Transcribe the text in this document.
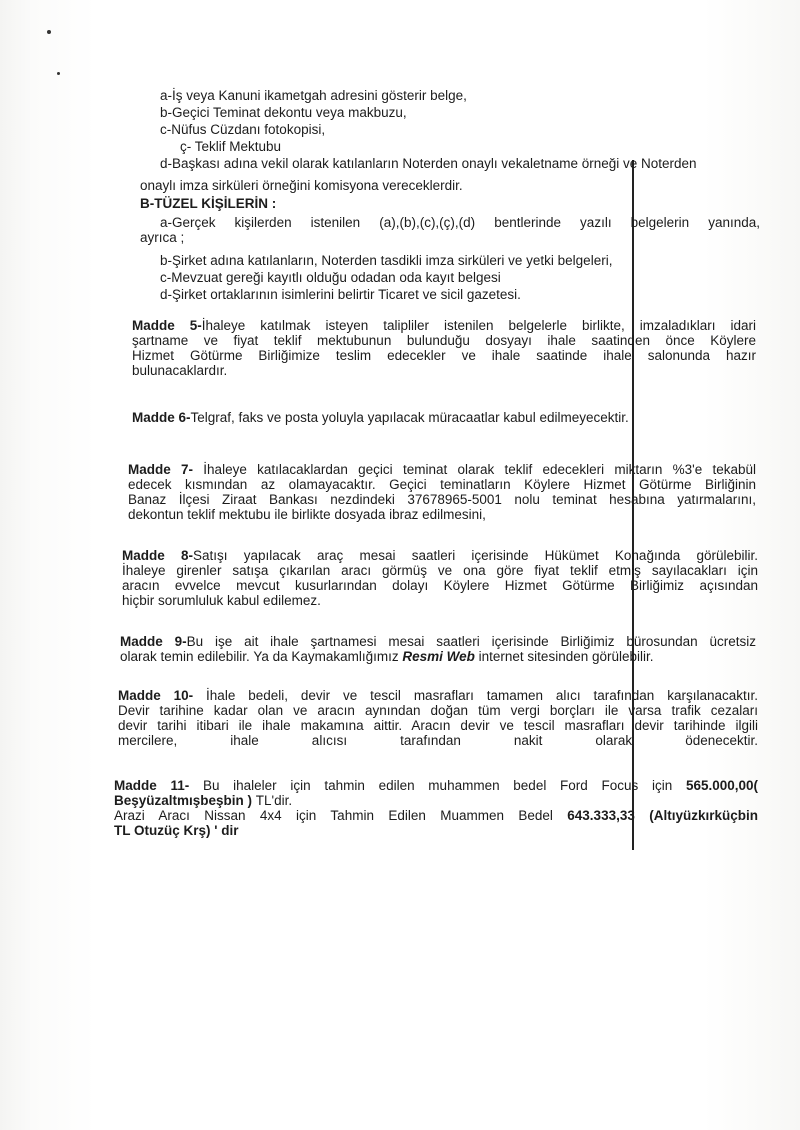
a-İş veya Kanuni ikametgah adresini gösterir belge,
b-Geçici Teminat dekontu veya makbuzu,
c-Nüfus Cüzdanı fotokopisi,
ç- Teklif Mektubu
d-Başkası adına vekil olarak katılanların Noterden onaylı vekaletname örneği ve Noterden
onaylı imza sirküleri örneğini komisyona vereceklerdir.
B-TÜZEL KİŞİLERİN :
a-Gerçek kişilerden istenilen (a),(b),(c),(ç),(d) bentlerinde yazılı belgelerin yanında,
ayrıca ;
b-Şirket adına katılanların, Noterden tasdikli imza sirküleri ve yetki belgeleri,
c-Mevzuat gereği kayıtlı olduğu odadan oda kayıt belgesi
d-Şirket ortaklarının isimlerini belirtir Ticaret ve sicil gazetesi.
Madde 5-İhaleye katılmak isteyen talipliler istenilen belgelerle birlikte, imzaladıkları idari
şartname ve fiyat teklif mektubunun bulunduğu dosyayı ihale saatinden önce Köylere
Hizmet Götürme Birliğimize teslim edecekler ve ihale saatinde ihale salonunda hazır
bulunacaklardır.
Madde 6-Telgraf, faks ve posta yoluyla yapılacak müracaatlar kabul edilmeyecektir.
Madde 7- İhaleye katılacaklardan geçici teminat olarak teklif edecekleri miktarın %3'e tekabül
edecek kısmından az olamayacaktır. Geçici teminatların Köylere Hizmet Götürme Birliğinin
Banaz İlçesi Ziraat Bankası nezdindeki 37678965-5001 nolu teminat hesabına yatırmalarını,
dekontun teklif mektubu ile birlikte dosyada ibraz edilmesini,
Madde 8-Satışı yapılacak araç mesai saatleri içerisinde Hükümet Konağında görülebilir.
İhaleye girenler satışa çıkarılan aracı görmüş ve ona göre fiyat teklif etmiş sayılacakları için
aracın evvelce mevcut kusurlarından dolayı Köylere Hizmet Götürme Birliğimiz açısından
hiçbir sorumluluk kabul edilemez.
Madde 9-Bu işe ait ihale şartnamesi mesai saatleri içerisinde Birliğimiz bürosundan ücretsiz
olarak temin edilebilir. Ya da Kaymakamlığımız Resmi Web internet sitesinden görülebilir.
Madde 10- İhale bedeli, devir ve tescil masrafları tamamen alıcı tarafından karşılanacaktır.
Devir tarihine kadar olan ve aracın aynından doğan tüm vergi borçları ile varsa trafik cezaları
devir tarihi itibari ile ihale makamına aittir. Aracın devir ve tescil masrafları devir tarihinde ilgili
mercilere, ihale alıcısı tarafından nakit olarak ödenecektir.
Madde 11- Bu ihaleler için tahmin edilen muhammen bedel Ford Focus için 565.000,00(
Beşyüzaltmışbeşbin ) TL'dir.
Arazi Aracı Nissan 4x4 için Tahmin Edilen Muammen Bedel 643.333,33 (Altıyüzkırküçbin
TL Otuzüç Krş) ' dir
